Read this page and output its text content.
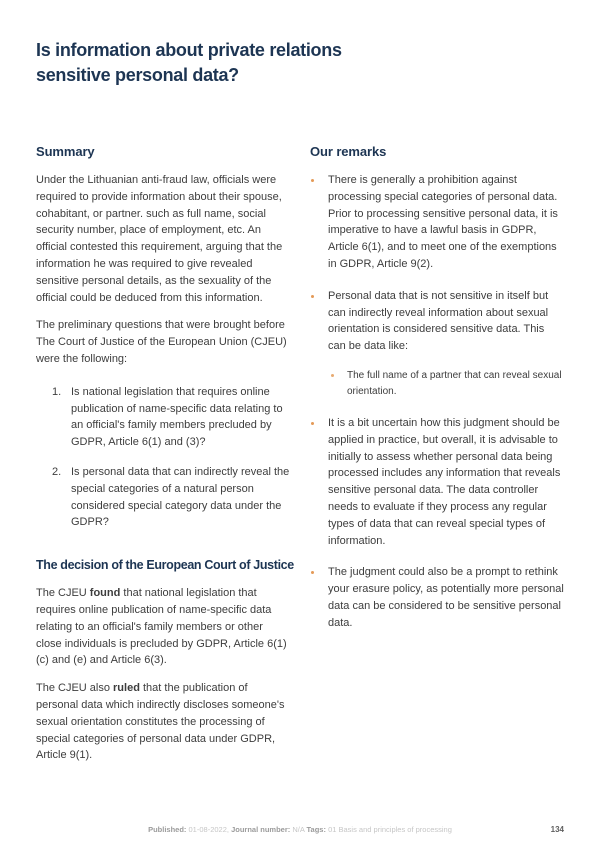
Is information about private relations
sensitive personal data?
Summary

Under the Lithuanian anti-fraud law, officials were required to provide information about their spouse, cohabitant, or partner. such as full name, social security number, place of employment, etc. An official contested this requirement, arguing that the information he was required to give revealed sensitive personal details, as the sexuality of the official could be deduced from this information.

The preliminary questions that were brought before The Court of Justice of the European Union (CJEU) were the following:

1. Is national legislation that requires online publication of name-specific data relating to an official's family members precluded by GDPR, Article 6(1) and (3)?
2. Is personal data that can indirectly reveal the special categories of a natural person considered special category data under the GDPR?
The decision of the European Court of Justice

The CJEU found that national legislation that requires online publication of name-specific data relating to an official's family members or other close individuals is precluded by GDPR, Article 6(1)(c) and (e) and Article 6(3).

The CJEU also ruled that the publication of personal data which indirectly discloses someone's sexual orientation constitutes the processing of special categories of personal data under GDPR, Article 9(1).

Our remarks
There is generally a prohibition against processing special categories of personal data. Prior to processing sensitive personal data, it is imperative to have a lawful basis in GDPR, Article 6(1), and to meet one of the exemptions in GDPR, Article 9(2).
Personal data that is not sensitive in itself but can indirectly reveal information about sexual orientation is considered sensitive data. This can be data like:
The full name of a partner that can reveal sexual orientation.
It is a bit uncertain how this judgment should be applied in practice, but overall, it is advisable to initially to assess whether personal data being processed includes any information that reveals sensitive personal data. The data controller needs to evaluate if they process any regular types of data that can reveal special types of information.
The judgment could also be a prompt to rethink your erasure policy, as potentially more personal data can be considered to be sensitive personal data.
Published: 01-08-2022, Journal number: N/A Tags: 01 Basis and principles of processing	134
